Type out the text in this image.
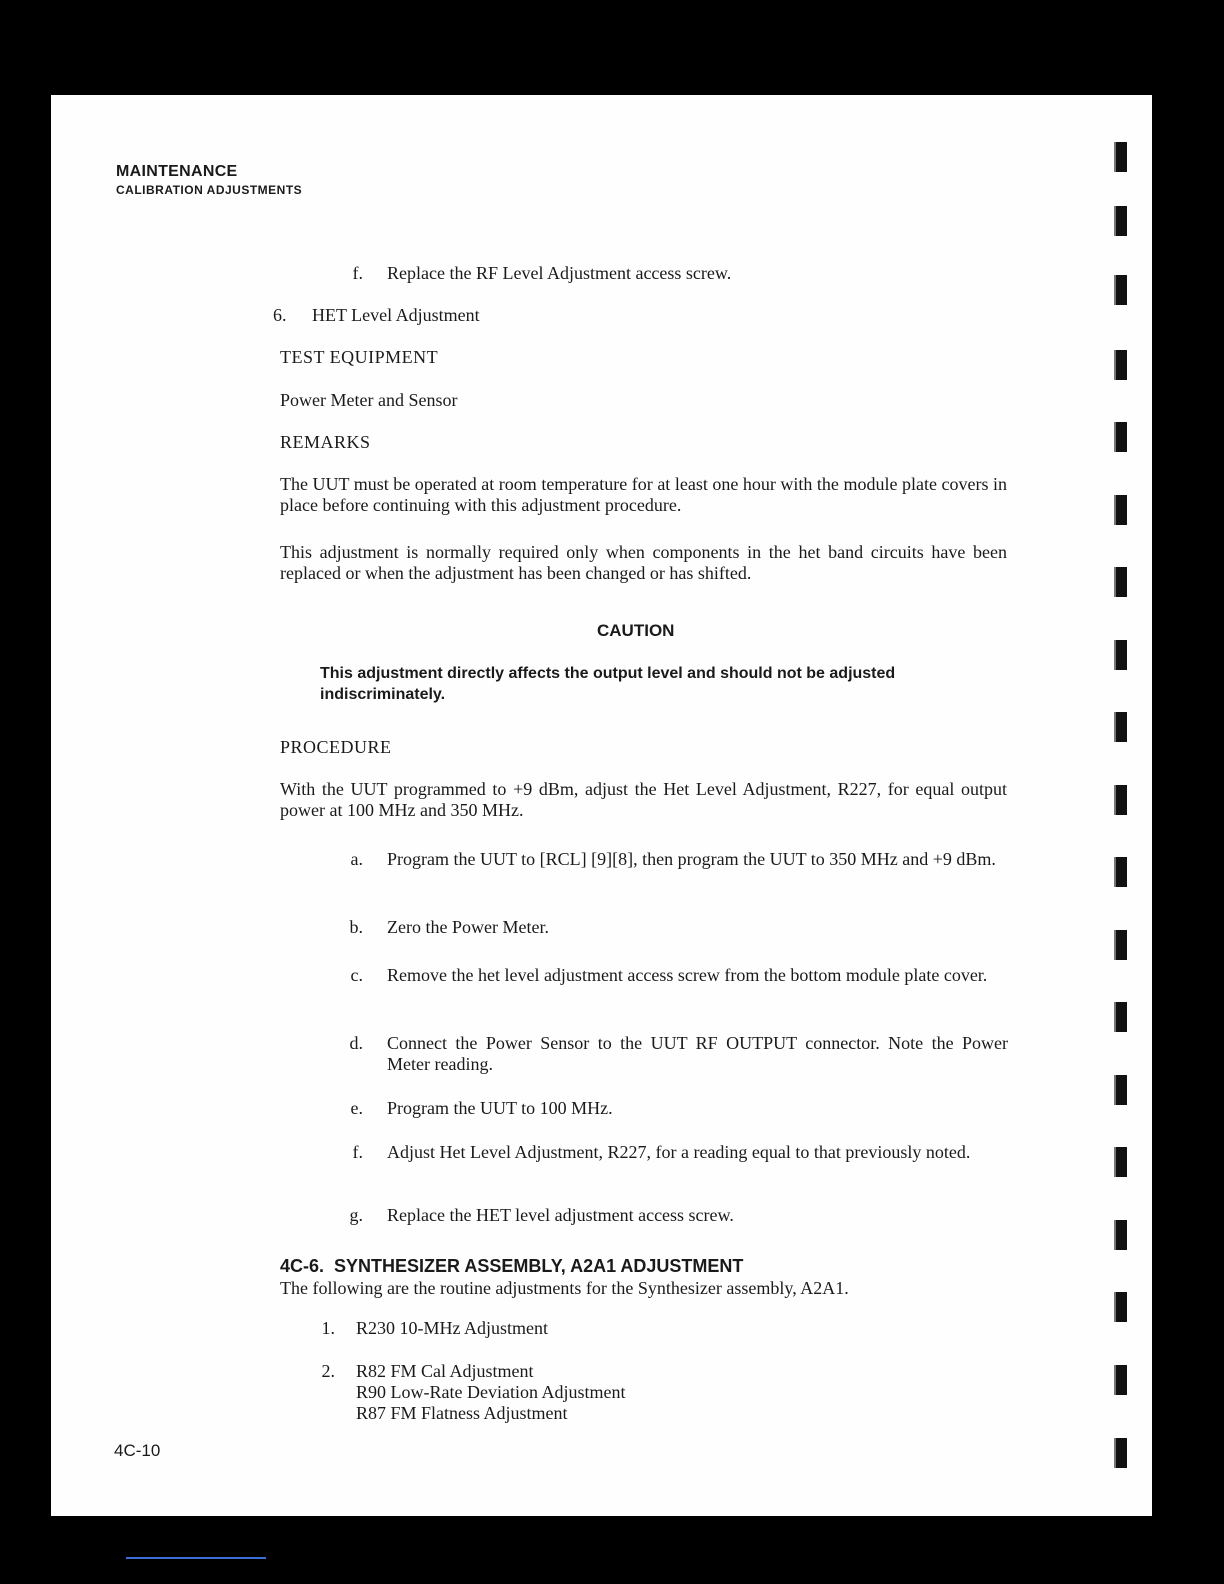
MAINTENANCE
CALIBRATION ADJUSTMENTS
f. Replace the RF Level Adjustment access screw.
6.	HET Level Adjustment
TEST EQUIPMENT
Power Meter and Sensor
REMARKS
The UUT must be operated at room temperature for at least one hour with the module plate covers in place before continuing with this adjustment procedure.
This adjustment is normally required only when components in the het band circuits have been replaced or when the adjustment has been changed or has shifted.
CAUTION
This adjustment directly affects the output level and should not be adjusted indiscriminately.
PROCEDURE
With the UUT programmed to +9 dBm, adjust the Het Level Adjustment, R227, for equal output power at 100 MHz and 350 MHz.
a. Program the UUT to [RCL] [9][8], then program the UUT to 350 MHz and +9 dBm.
b. Zero the Power Meter.
c. Remove the het level adjustment access screw from the bottom module plate cover.
d. Connect the Power Sensor to the UUT RF OUTPUT connector. Note the Power Meter reading.
e. Program the UUT to 100 MHz.
f. Adjust Het Level Adjustment, R227, for a reading equal to that previously noted.
g. Replace the HET level adjustment access screw.
4C-6.  SYNTHESIZER ASSEMBLY, A2A1 ADJUSTMENT
The following are the routine adjustments for the Synthesizer assembly, A2A1.
1. R230 10-MHz Adjustment
2. R82 FM Cal Adjustment
R90 Low-Rate Deviation Adjustment
R87 FM Flatness Adjustment
4C-10
